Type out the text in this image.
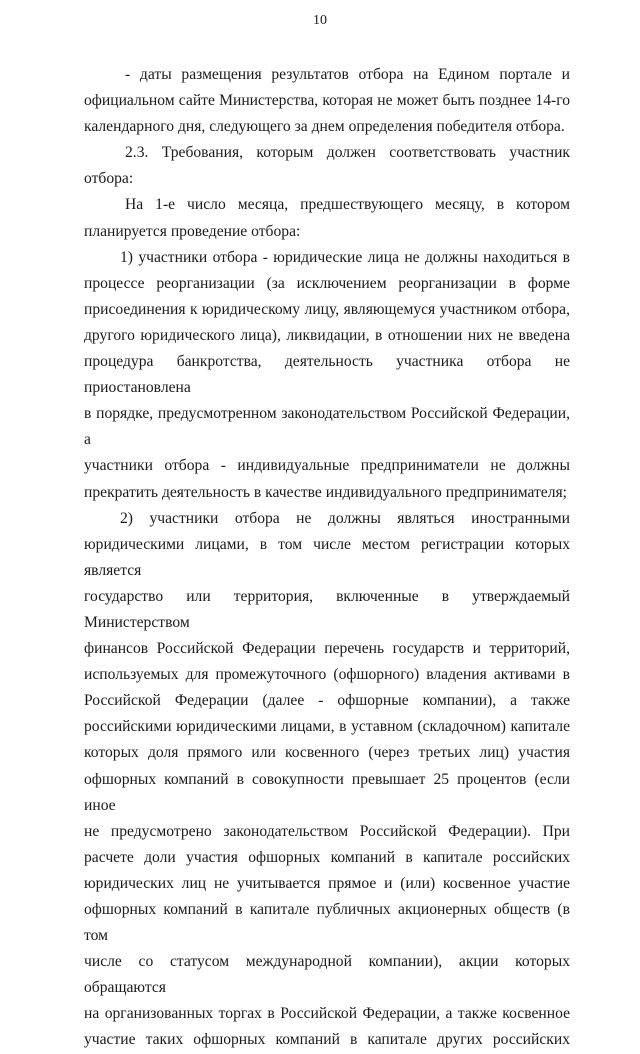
10

- даты размещения результатов отбора на Едином портале и

официальном сайте Министерства, которая не может быть позднее 14-го

календарного дня, следующего за днем определения победителя отбора.

2.3. Требования, которым должен соответствовать участник отбора:

На 1-е число месяца, предшествующего месяцу, в котором

планируется проведение отбора:

1) участники отбора - юридические лица не должны находиться в

процессе реорганизации (за исключением реорганизации в форме

присоединения к юридическому лицу, являющемуся участником отбора,

другого юридического лица), ликвидации, в отношении них не введена

процедура банкротства, деятельность участника отбора не приостановлена

в порядке, предусмотренном законодательством Российской Федерации, а

участники отбора - индивидуальные предприниматели не должны

прекратить деятельность в качестве индивидуального предпринимателя;

2) участники отбора не должны являться иностранными

юридическими лицами, в том числе местом регистрации которых является

государство или территория, включенные в утверждаемый Министерством

финансов Российской Федерации перечень государств и территорий,

используемых для промежуточного (офшорного) владения активами в

Российской Федерации (далее - офшорные компании), а также

российскими юридическими лицами, в уставном (складочном) капитале

которых доля прямого или косвенного (через третьих лиц) участия

офшорных компаний в совокупности превышает 25 процентов (если иное

не предусмотрено законодательством Российской Федерации). При

расчете доли участия офшорных компаний в капитале российских

юридических лиц не учитывается прямое и (или) косвенное участие

офшорных компаний в капитале публичных акционерных обществ (в том

числе со статусом международной компании), акции которых обращаются

на организованных торгах в Российской Федерации, а также косвенное

участие таких офшорных компаний в капитале других российских
